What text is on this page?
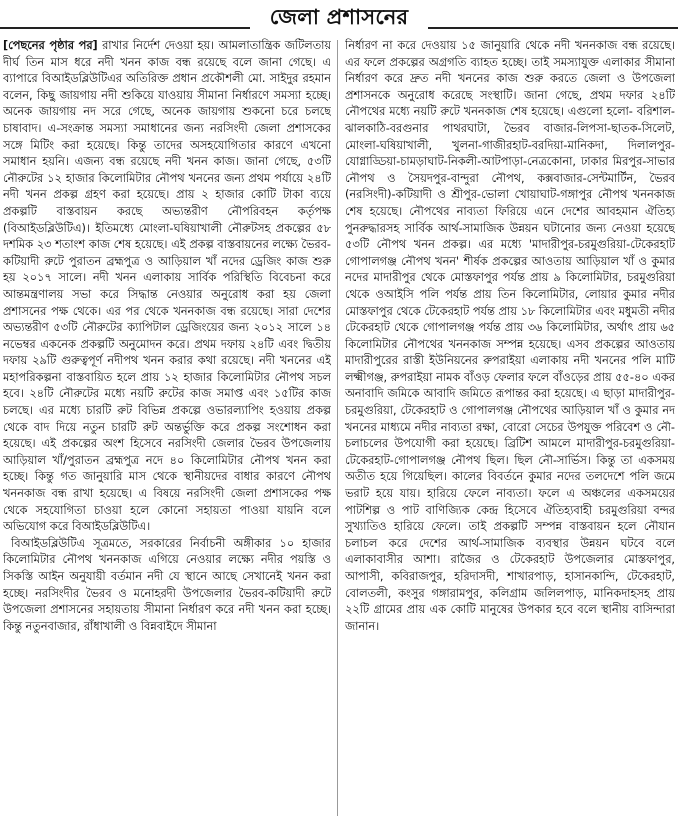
জেলা প্রশাসনের

[পেছনের পৃষ্ঠার পর] রাখার নির্দেশ দেওয়া হয়। আমলাতান্ত্রিক জটিলতায় দীর্ঘ তিন মাস ধরে নদী খনন কাজ বন্ধ রয়েছে বলে জানা গেছে। এ ব্যাপারে বিআইডব্লিউটিএর অতিরিক্ত প্রধান প্রকৌশলী মো. সাইদুর রহমান বলেন, কিছু জায়গায় নদী শুকিয়ে যাওয়ায় সীমানা নির্ধারণে সমস্যা হচ্ছে। অনেক জায়গায় নদ সরে গেছে, অনেক জায়গায় শুকনো চরে চলছে চাষাবাদ। এ-সংক্রান্ত সমস্যা সমাধানের জন্য নরসিংদী জেলা প্রশাসকের সঙ্গে মিটিং করা হয়েছে। কিন্তু তাদের অসহযোগিতার কারণে এখনো সমাধান হয়নি। এজন্য বন্ধ রয়েছে নদী খনন কাজ। জানা গেছে, ৫৩টি নৌরুটের ১২ হাজার কিলোমিটার নৌপথ খননের জন্য প্রথম পর্যায়ে ২৪টি নদী খনন প্রকল্প গ্রহণ করা হয়েছে। প্রায় ২ হাজার কোটি টাকা ব্যয়ে প্রকল্পটি বাস্তবায়ন করছে অভ্যন্তরীণ নৌপরিবহন কর্তৃপক্ষ (বিআইডব্লিউটিএ)। ইতিমধ্যে মোংলা-ঘষিয়াখালী নৌরুটসহ প্রকল্পের ৫৮ দশমিক ২৩ শতাংশ কাজ শেষ হয়েছে। এই প্রকল্প বাস্তবায়নের লক্ষ্যে ভৈরব-কটিয়াদী রুটে পুরাতন ব্রহ্মপুত্র ও আড়িয়াল খাঁ নদের ড্রেজিং কাজ শুরু হয় ২০১৭ সালে। নদী খনন এলাকায় সার্বিক পরিস্থিতি বিবেচনা করে আন্তমন্ত্রণালয় সভা করে সিদ্ধান্ত নেওয়ার অনুরোধ করা হয় জেলা প্রশাসনের পক্ষ থেকে। এর পর থেকে খননকাজ বন্ধ রয়েছে। সারা দেশের অভ্যন্তরীণ ৫৩টি নৌরুটের ক্যাপিটাল ড্রেজিংয়ের জন্য ২০১২ সালে ১৪ নভেম্বর একনেক প্রকল্পটি অনুমোদন করে। প্রথম দফায় ২৪টি এবং দ্বিতীয় দফায় ২৯টি গুরুত্বপূর্ণ নদীপথ খনন করার কথা রয়েছে। নদী খননের এই মহাপরিকল্পনা বাস্তবায়িত হলে প্রায় ১২ হাজার কিলোমিটার নৌপথ সচল হবে। ২৪টি নৌরুটের মধ্যে নয়টি রুটের কাজ সমাপ্ত এবং ১৫টির কাজ চলছে। এর মধ্যে চারটি রুট বিভিন্ন প্রকল্পে ওভারল্যাপিং হওয়ায় প্রকল্প থেকে বাদ দিয়ে নতুন চারটি রুট অন্তর্ভুক্তি করে প্রকল্প সংশোধন করা হয়েছে। এই প্রকল্পের অংশ হিসেবে নরসিংদী জেলার ভৈরব উপজেলায় আড়িয়াল খাঁ/পুরাতন ব্রহ্মপুত্র নদে ৪০ কিলোমিটার নৌপথ খনন করা হচ্ছে। কিন্তু গত জানুয়ারি মাস থেকে স্থানীয়দের বাধার কারণে নৌপথ খননকাজ বন্ধ রাখা হয়েছে। এ বিষয়ে নরসিংদী জেলা প্রশাসকের পক্ষ থেকে সহযোগিতা চাওয়া হলে কোনো সহায়তা পাওয়া যায়নি বলে অভিযোগ করে বিআইডব্লিউটিএ।

বিআইডব্লিউটিএ সূত্রমতে, সরকারের নির্বাচনী অঙ্গীকার ১০ হাজার কিলোমিটার নৌপথ খননকাজ এগিয়ে নেওয়ার লক্ষ্যে নদীর পয়স্তি ও সিকস্তি আইন অনুযায়ী বর্তমান নদী যে স্থানে আছে সেখানেই খনন করা হচ্ছে। নরসিংদীর ভৈরব ও মনোহরদী উপজেলার ভৈরব-কটিয়াদী রুটে উপজেলা প্রশাসনের সহায়তায় সীমানা নির্ধারণ করে নদী খনন করা হচ্ছে। কিন্তু নতুনবাজার, রাঁধাখালী ও বিন্নবাইদে সীমানা

নির্ধারণ না করে দেওয়ায় ১৫ জানুয়ারি থেকে নদী খননকাজ বন্ধ রয়েছে। এর ফলে প্রকল্পের অগ্রগতি ব্যাহত হচ্ছে। তাই সমস্যাযুক্ত এলাকার সীমানা নির্ধারণ করে দ্রুত নদী খননের কাজ শুরু করতে জেলা ও উপজেলা প্রশাসনকে অনুরোধ করেছে সংস্থাটি। জানা গেছে, প্রথম দফার ২৪টি নৌপথের মধ্যে নয়টি রুটে খননকাজ শেষ হয়েছে। এগুলো হলো- বরিশাল-ঝালকাঠি-বরগুনার পাথরঘাটা, ভৈরব বাজার-লিপসা-ছাতক-সিলেট, মোংলা-ঘষিয়াখালী, খুলনা-গাজীরহাট-বরদিয়া-মানিকদা, দিলালপুর-যোগ্নাড্ডিয়া-চামড়াঘাট-নিকলী-আটপাড়া-নেত্রকোনা, ঢাকার মিরপুর-সাভার নৌপথ ও সৈয়দপুর-বান্দুরা নৌপথ, কক্সবাজার-সেন্টমার্টিন, ভৈরব (নরসিংদী)-কটিয়াদী ও শ্রীপুর-ভোলা খোয়াঘাট-গঙ্গাপুর নৌপথ খননকাজ শেষ হয়েছে। নৌপথের নাব্যতা ফিরিয়ে এনে দেশের আবহমান ঐতিহ্য পুনরুদ্ধারসহ সার্বিক আর্থ-সামাজিক উন্নয়ন ঘটানোর জন্য নেওয়া হয়েছে ৫৩টি নৌপথ খনন প্রকল্প। এর মধ্যে 'মাদারীপুর-চরমুগুরিয়া-টেকেরহাট গোপালগঞ্জ নৌপথ খনন' শীর্ষক প্রকল্পের আওতায় আড়িয়াল খাঁ ও কুমার নদের মাদারীপুর থেকে মোস্তফাপুর পর্যন্ত প্রায় ৯ কিলোমিটার, চরমুগুরিয়া থেকে ওআইসি পলি পর্যন্ত প্রায় তিন কিলোমিটার, লোয়ার কুমার নদীর মোস্তফাপুর থেকে টেকেরহাট পর্যন্ত প্রায় ১৮ কিলোমিটার এবং মধুমতী নদীর টেকেরহাট থেকে গোপালগঞ্জ পর্যন্ত প্রায় ৩৬ কিলোমিটার, অর্থাৎ প্রায় ৬৫ কিলোমিটার নৌপথের খননকাজ সম্পন্ন হয়েছে। এসব প্রকল্পের আওতায় মাদারীপুরের রাস্তী ইউনিয়নের রুপরাইয়া এলাকায় নদী খননের পলি মাটি লক্ষ্মীগঞ্জ, রুপরাইয়া নামক বাঁওড় ফেলার ফলে বাঁওড়ের প্রায় ৫৫-৪০ একর অনাবাদি জমিকে আবাদি জমিতে রূপান্তর করা হয়েছে। এ ছাড়া মাদারীপুর-চরমুগুরিয়া, টেকেরহাট ও গোপালগঞ্জ নৌপথের আড়িয়াল খাঁ ও কুমার নদ খননের মাধ্যমে নদীর নাব্যতা রক্ষা, বোরো সেচের উপযুক্ত পরিবেশ ও নৌ-চলাচলের উপযোগী করা হয়েছে। ব্রিটিশ আমলে মাদারীপুর-চরমুগুরিয়া-টেকেরহাট-গোপালগঞ্জ নৌপথ ছিল। ছিল নৌ-সার্ভিস। কিন্তু তা একসময় অতীত হয়ে গিয়েছিল। কালের বিবর্তনে কুমার নদের তলদেশে পলি জমে ভরাট হয়ে যায়। হারিয়ে ফেলে নাব্যতা। ফলে এ অঞ্চলের একসময়ের পাটশিল্প ও পাট বাণিজ্যিক কেন্দ্র হিসেবে ঐতিহ্যবাহী চরমুগুরিয়া বন্দর সুখ্যাতিও হারিয়ে ফেলে। তাই প্রকল্পটি সম্পন্ন বাস্তবায়ন হলে নৌযান চলাচল করে দেশের আর্থ-সামাজিক ব্যবস্থার উন্নয়ন ঘটবে বলে এলাকাবাসীর আশা। রাজৈর ও টেকেরহাট উপজেলার মোস্তফাপুর, আপাসী, কবিরাজপুর, হরিদাসদী, শাখারপাড়, হাসানকান্দি, টেকেরহাট, বোলতলী, কংসুর গঙ্গারামপুর, কলিগ্রাম জলিলপাড়, মানিকদাহসহ প্রায় ২২টি গ্রামের প্রায় এক কোটি মানুষের উপকার হবে বলে স্থানীয় বাসিন্দারা জানান।
